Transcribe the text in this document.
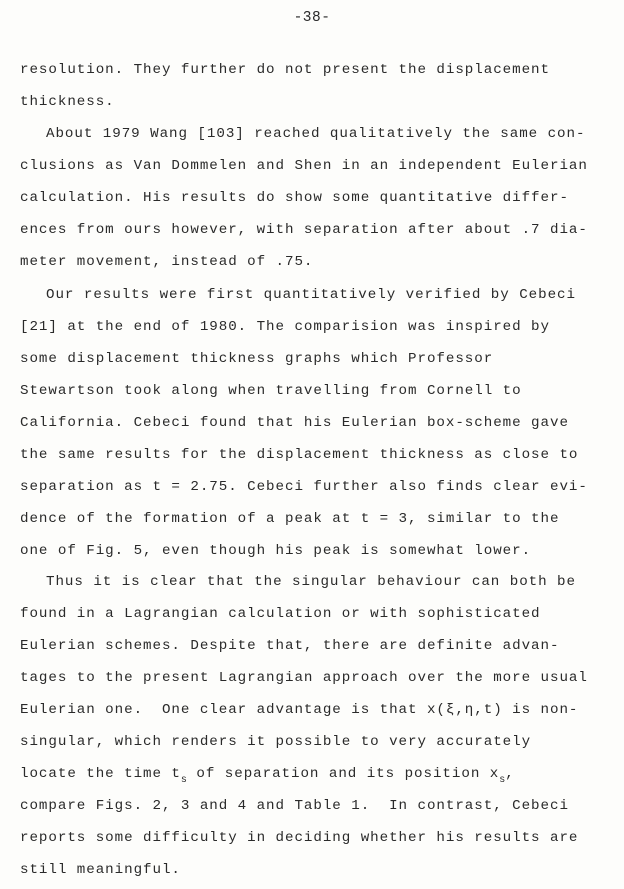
-38-
resolution. They further do not present the displacement
thickness.
About 1979 Wang [103] reached qualitatively the same con-
clusions as Van Dommelen and Shen in an independent Eulerian
calculation. His results do show some quantitative differ-
ences from ours however, with separation after about .7 dia-
meter movement, instead of .75.
Our results were first quantitatively verified by Cebeci
[21] at the end of 1980. The comparision was inspired by
some displacement thickness graphs which Professor
Stewartson took along when travelling from Cornell to
California. Cebeci found that his Eulerian box-scheme gave
the same results for the displacement thickness as close to
separation as t = 2.75. Cebeci further also finds clear evi-
dence of the formation of a peak at t = 3, similar to the
one of Fig. 5, even though his peak is somewhat lower.
Thus it is clear that the singular behaviour can both be
found in a Lagrangian calculation or with sophisticated
Eulerian schemes. Despite that, there are definite advan-
tages to the present Lagrangian approach over the more usual
Eulerian one.  One clear advantage is that x(ξ,η,t) is non-
singular, which renders it possible to very accurately
locate the time $t_s$ of separation and its position $x_s$,
compare Figs. 2, 3 and 4 and Table 1.  In contrast, Cebeci
reports some difficulty in deciding whether his results are
still meaningful.
